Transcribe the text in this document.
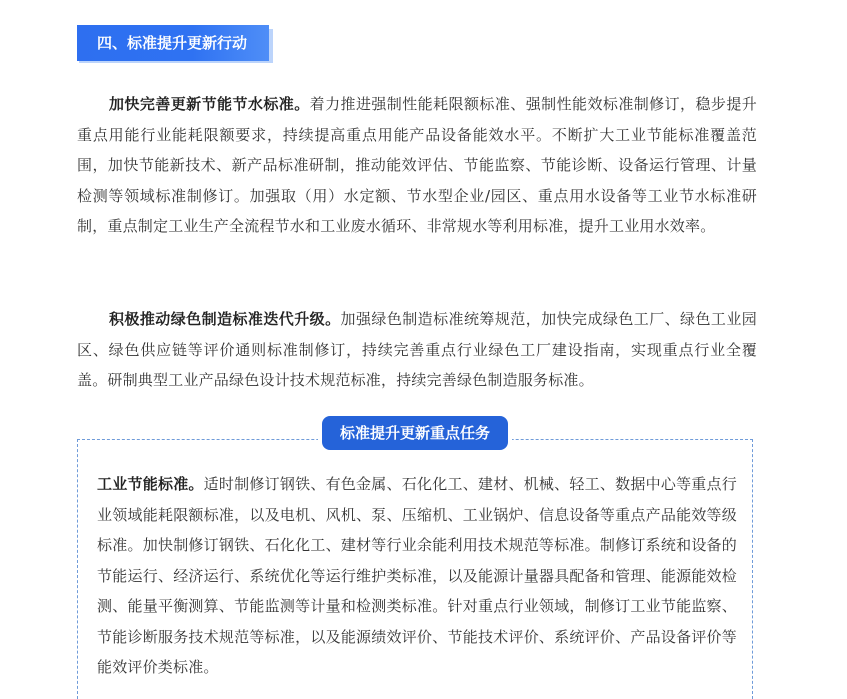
四、标准提升更新行动

加快完善更新节能节水标准。着力推进强制性能耗限额标准、强制性能效标准制修订，稳步提升重点用能行业能耗限额要求，持续提高重点用能产品设备能效水平。不断扩大工业节能标准覆盖范围，加快节能新技术、新产品标准研制，推动能效评估、节能监察、节能诊断、设备运行管理、计量检测等领域标准制修订。加强取（用）水定额、节水型企业/园区、重点用水设备等工业节水标准研制，重点制定工业生产全流程节水和工业废水循环、非常规水等利用标准，提升工业用水效率。

积极推动绿色制造标准迭代升级。加强绿色制造标准统筹规范，加快完成绿色工厂、绿色工业园区、绿色供应链等评价通则标准制修订，持续完善重点行业绿色工厂建设指南，实现重点行业全覆盖。研制典型工业产品绿色设计技术规范标准，持续完善绿色制造服务标准。

标准提升更新重点任务

工业节能标准。适时制修订钢铁、有色金属、石化化工、建材、机械、轻工、数据中心等重点行业领域能耗限额标准，以及电机、风机、泵、压缩机、工业锅炉、信息设备等重点产品能效等级标准。加快制修订钢铁、石化化工、建材等行业余能利用技术规范等标准。制修订系统和设备的节能运行、经济运行、系统优化等运行维护类标准，以及能源计量器具配备和管理、能源能效检测、能量平衡测算、节能监测等计量和检测类标准。针对重点行业领域，制修订工业节能监察、节能诊断服务技术规范等标准，以及能源绩效评价、节能技术评价、系统评价、产品设备评价等能效评价类标准。
